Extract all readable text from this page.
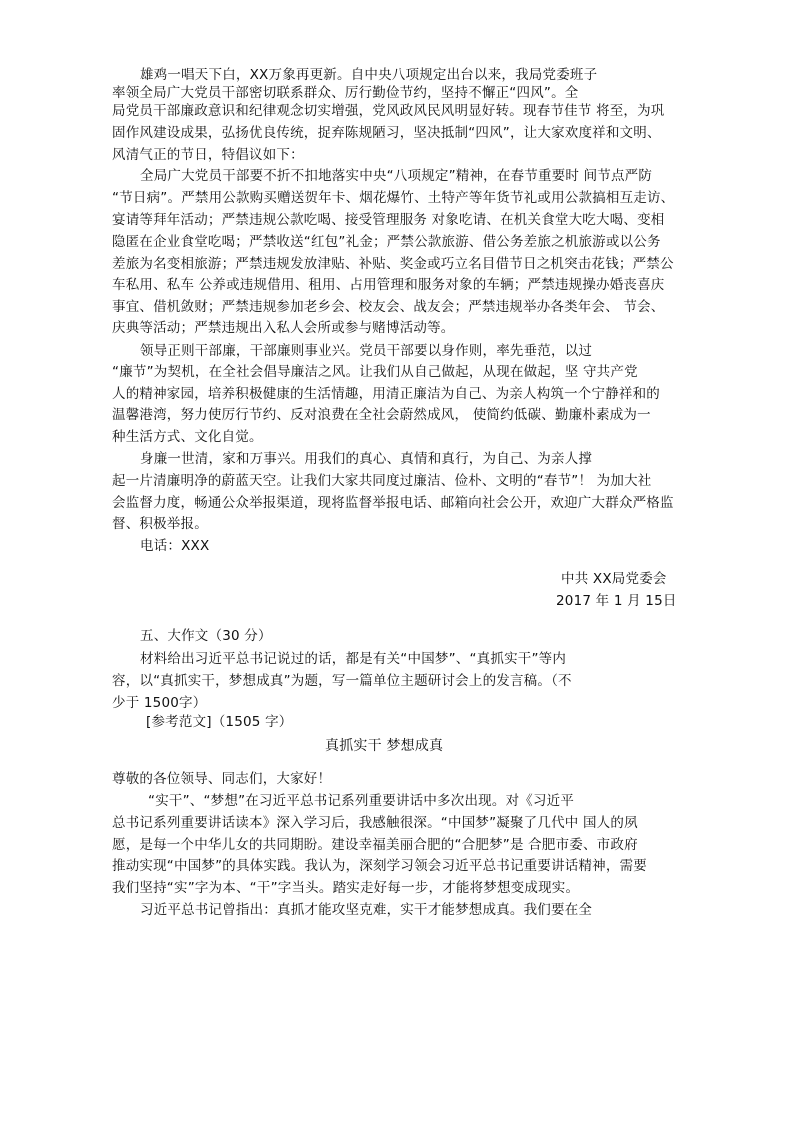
雄鸡一唱天下白，XX万象再更新。自中央八项规定出台以来，我局党委班子
率领全局广大党员干部密切联系群众、厉行勤俭节约，坚持不懈正“四风”。全
局党员干部廉政意识和纪律观念切实增强，党风政风民风明显好转。现春节佳节 将至，为巩
固作风建设成果，弘扬优良传统，捉弃陈规陋习，坚决抵制“四风”，让大家欢度祥和文明、
风清气正的节日，特倡议如下：
全局广大党员干部要不折不扣地落实中央“八项规定”精神，在春节重要时 间节点严防
“节日病”。严禁用公款购买赠送贺年卡、烟花爆竹、土特产等年货节礼或用公款搞相互走访、
宴请等拜年活动；严禁违规公款吃喝、接受管理服务 对象吃请、在机关食堂大吃大喝、变相
隐匿在企业食堂吃喝；严禁收送“红包”礼金；严禁公款旅游、借公务差旅之机旅游或以公务
差旅为名变相旅游；严禁违规发放津贴、补贴、奖金或巧立名目借节日之机突击花钱；严禁公
车私用、私车 公养或违规借用、租用、占用管理和服务对象的车辆；严禁违规操办婚丧喜庆
事宜、借机敛财；严禁违规参加老乡会、校友会、战友会；严禁违规举办各类年会、 节会、
庆典等活动；严禁违规出入私人会所或参与赌博活动等。
领导正则干部廉，干部廉则事业兴。党员干部要以身作则，率先垂范，以过
“廉节”为契机，在全社会倡导廉洁之风。让我们从自己做起，从现在做起，坚 守共产党
人的精神家园，培养积极健康的生活情趣，用清正廉洁为自己、为亲人构筑一个宁静祥和的
温馨港湾，努力使厉行节约、反对浪费在全社会蔚然成风， 使简约低碳、勤廉朴素成为一
种生活方式、文化自觉。
身廉一世清，家和万事兴。用我们的真心、真情和真行，为自己、为亲人撑
起一片清廉明净的蔚蓝天空。让我们大家共同度过廉洁、俭朴、文明的“春节”！ 为加大社
会监督力度，畅通公众举报渠道，现将监督举报电话、邮箱向社会公开，欢迎广大群众严格监
督、积极举报。
电话：XXX
中共 XX局党委会
2017 年 1 月 15日
五、大作文（30 分）
材料给出习近平总书记说过的话，都是有关“中国梦”、“真抓实干”等内
容，以“真抓实干，梦想成真”为题，写一篇单位主题研讨会上的发言稿。（不
少于 1500字）
[参考范文]（1505 字）
真抓实干 梦想成真
尊敬的各位领导、同志们，大家好！
“实干”、“梦想”在习近平总书记系列重要讲话中多次出现。对《习近平
总书记系列重要讲话读本》深入学习后，我感触很深。“中国梦”凝聚了几代中 国人的夙
愿，是每一个中华儿女的共同期盼。建设幸福美丽合肥的“合肥梦”是 合肥市委、市政府
推动实现“中国梦”的具体实践。我认为，深刻学习领会习近平总书记重要讲话精神，需要
我们坚持“实”字为本、“干”字当头。踏实走好每一步，才能将梦想变成现实。
习近平总书记曾指出：真抓才能攻坚克难，实干才能梦想成真。我们要在全
